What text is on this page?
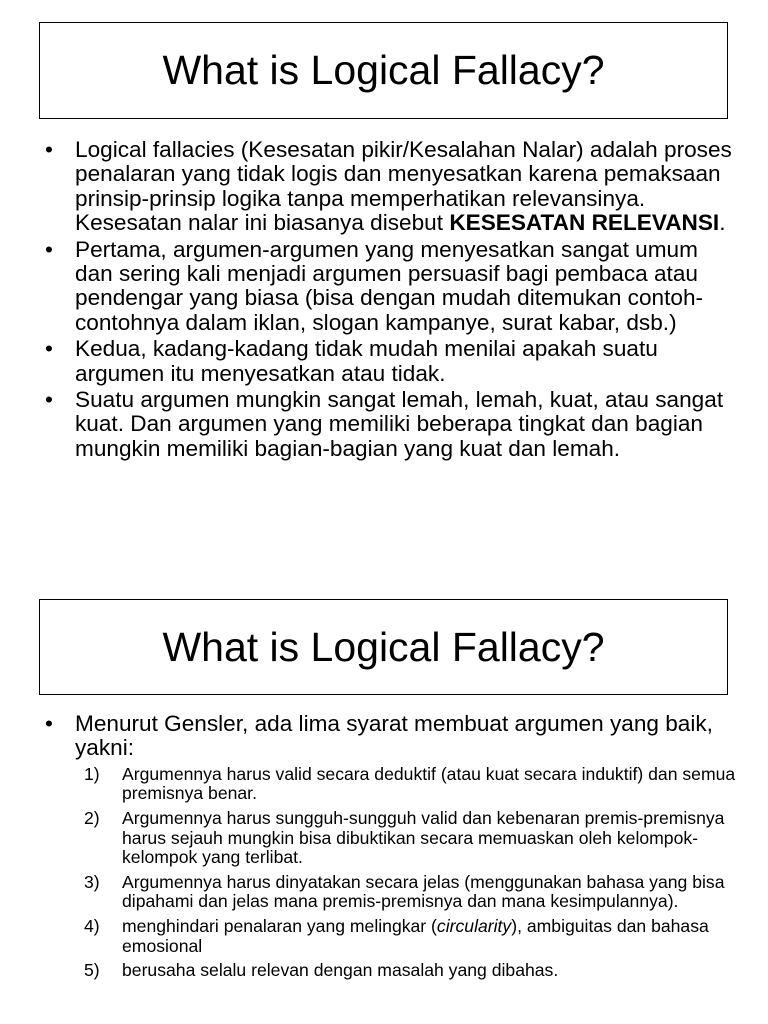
What is Logical Fallacy?
• Logical fallacies (Kesesatan pikir/Kesalahan Nalar) adalah proses penalaran yang tidak logis dan menyesatkan karena pemaksaan prinsip-prinsip logika tanpa memperhatikan relevansinya. Kesesatan nalar ini biasanya disebut KESESATAN RELEVANSI.
• Pertama, argumen-argumen yang menyesatkan sangat umum dan sering kali menjadi argumen persuasif bagi pembaca atau pendengar yang biasa (bisa dengan mudah ditemukan contoh-contohnya dalam iklan, slogan kampanye, surat kabar, dsb.)
• Kedua, kadang-kadang tidak mudah menilai apakah suatu argumen itu menyesatkan atau tidak.
• Suatu argumen mungkin sangat lemah, lemah, kuat, atau sangat kuat. Dan argumen yang memiliki beberapa tingkat dan bagian mungkin memiliki bagian-bagian yang kuat dan lemah.
What is Logical Fallacy?
• Menurut Gensler, ada lima syarat membuat argumen yang baik, yakni:
1) Argumennya harus valid secara deduktif (atau kuat secara induktif) dan semua premisnya benar.
2) Argumennya harus sungguh-sungguh valid dan kebenaran premis-premisnya harus sejauh mungkin bisa dibuktikan secara memuaskan oleh kelompok-kelompok yang terlibat.
3) Argumennya harus dinyatakan secara jelas (menggunakan bahasa yang bisa dipahami dan jelas mana premis-premisnya dan mana kesimpulannya).
4) menghindari penalaran yang melingkar (circularity), ambiguitas dan bahasa emosional
5) berusaha selalu relevan dengan masalah yang dibahas.
